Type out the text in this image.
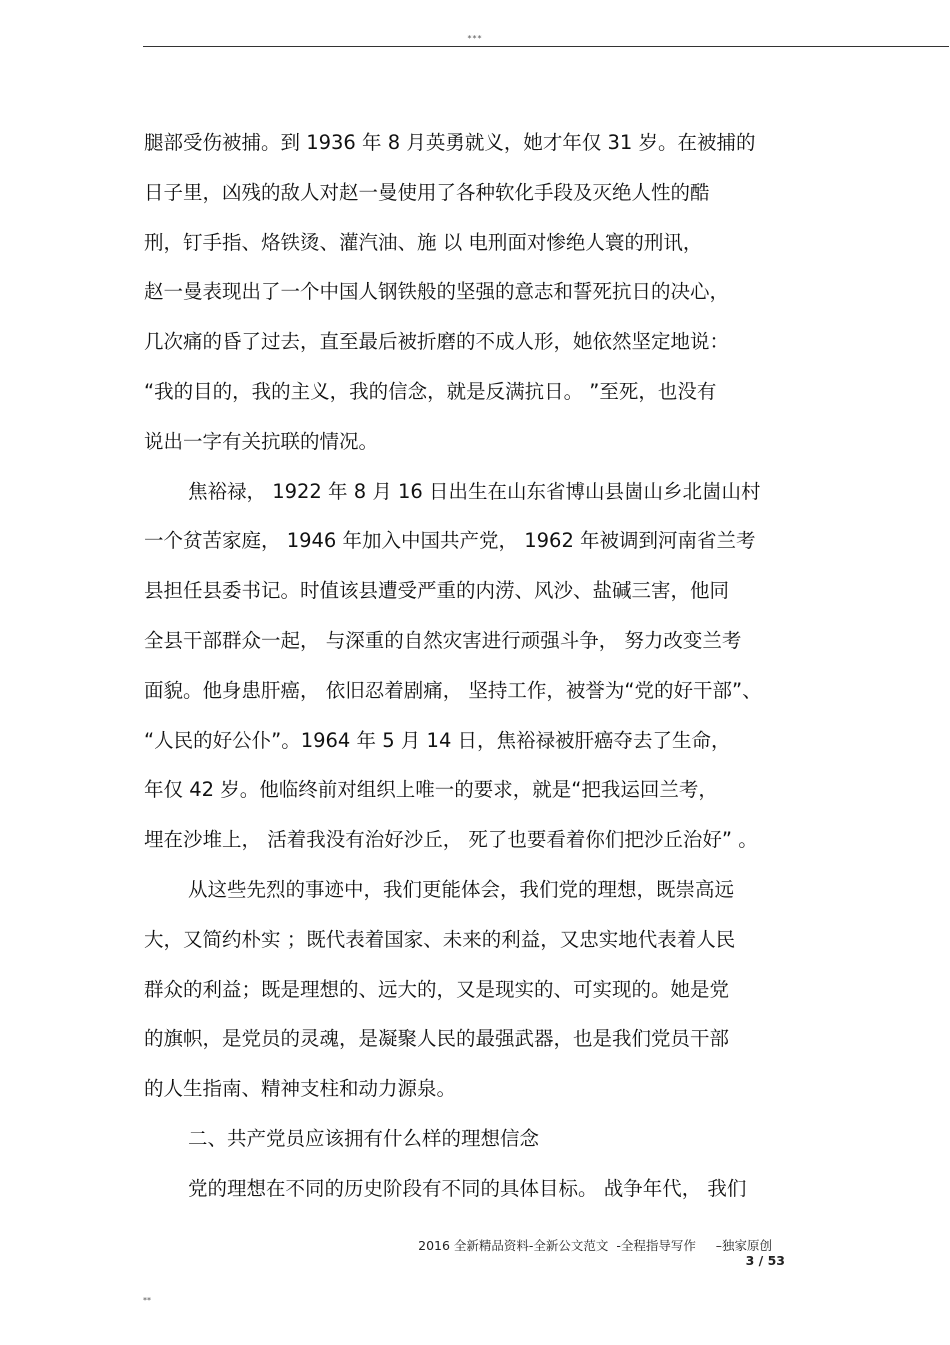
***
腿部受伤被捕。到 1936 年 8 月英勇就义，她才年仅 31 岁。在被捕的
日子里，凶残的敌人对赵一曼使用了各种软化手段及灭绝人性的酷
刑，钉手指、烙铁烫、灌汽油、施 以 电刑面对惨绝人寰的刑讯，
赵一曼表现出了一个中国人钢铁般的坚强的意志和誓死抗日的决心，
几次痛的昏了过去，直至最后被折磨的不成人形，她依然坚定地说：
“我的目的，我的主义，我的信念，就是反满抗日。 ”至死，也没有
说出一字有关抗联的情况。
焦裕禄， 1922 年 8 月 16 日出生在山东省博山县崮山乡北崮山村
一个贫苦家庭， 1946 年加入中国共产党， 1962 年被调到河南省兰考
县担任县委书记。时值该县遭受严重的内涝、风沙、盐碱三害，他同
全县干部群众一起， 与深重的自然灾害进行顽强斗争， 努力改变兰考
面貌。他身患肝癌， 依旧忍着剧痛， 坚持工作，被誉为“党的好干部”、
“人民的好公仆”。1964 年 5 月 14 日，焦裕禄被肝癌夺去了生命，
年仅 42 岁。他临终前对组织上唯一的要求，就是“把我运回兰考，
埋在沙堆上， 活着我没有治好沙丘， 死了也要看着你们把沙丘治好” 。
从这些先烈的事迹中，我们更能体会，我们党的理想，既崇高远
大，又简约朴实 ；既代表着国家、未来的利益，又忠实地代表着人民
群众的利益；既是理想的、远大的，又是现实的、可实现的。她是党
的旗帜，是党员的灵魂，是凝聚人民的最强武器，也是我们党员干部
的人生指南、精神支柱和动力源泉。
二、共产党员应该拥有什么样的理想信念
党的理想在不同的历史阶段有不同的具体目标。 战争年代， 我们
2016 全新精品资料-全新公文范文  -全程指导写作     –独家原创
3 / 53
**
